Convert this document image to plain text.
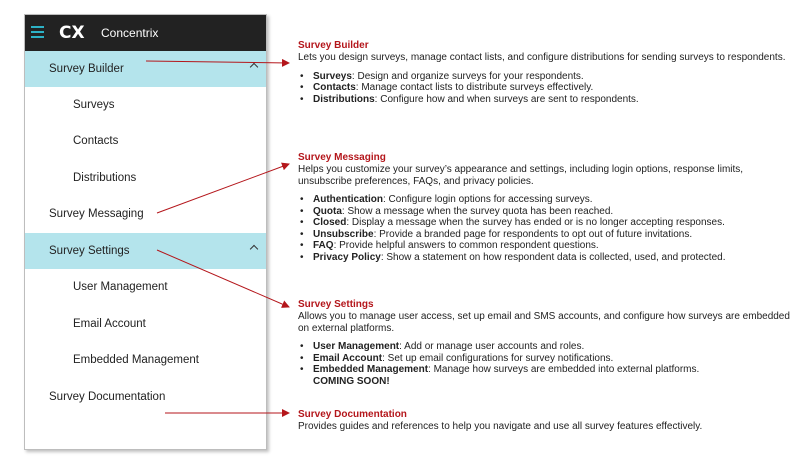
CX Concentrix
Survey Builder
Surveys
Contacts
Distributions
Survey Messaging
Survey Settings
User Management
Email Account
Embedded Management
Survey Documentation
Survey Builder

Lets you design surveys, manage contact lists, and configure distributions for sending surveys to respondents.

• Surveys: Design and organize surveys for your respondents.
• Contacts: Manage contact lists to distribute surveys effectively.
• Distributions: Configure how and when surveys are sent to respondents.
Survey Messaging

Helps you customize your survey’s appearance and settings, including login options, response limits, unsubscribe preferences, FAQs, and privacy policies.

• Authentication: Configure login options for accessing surveys.
• Quota: Show a message when the survey quota has been reached.
• Closed: Display a message when the survey has ended or is no longer accepting responses.
• Unsubscribe: Provide a branded page for respondents to opt out of future invitations.
• FAQ: Provide helpful answers to common respondent questions.
• Privacy Policy: Show a statement on how respondent data is collected, used, and protected.
Survey Settings

Allows you to manage user access, set up email and SMS accounts, and configure how surveys are embedded on external platforms.

• User Management: Add or manage user accounts and roles.
• Email Account: Set up email configurations for survey notifications.
• Embedded Management: Manage how surveys are embedded into external platforms.
COMING SOON!
Survey Documentation

Provides guides and references to help you navigate and use all survey features effectively.
